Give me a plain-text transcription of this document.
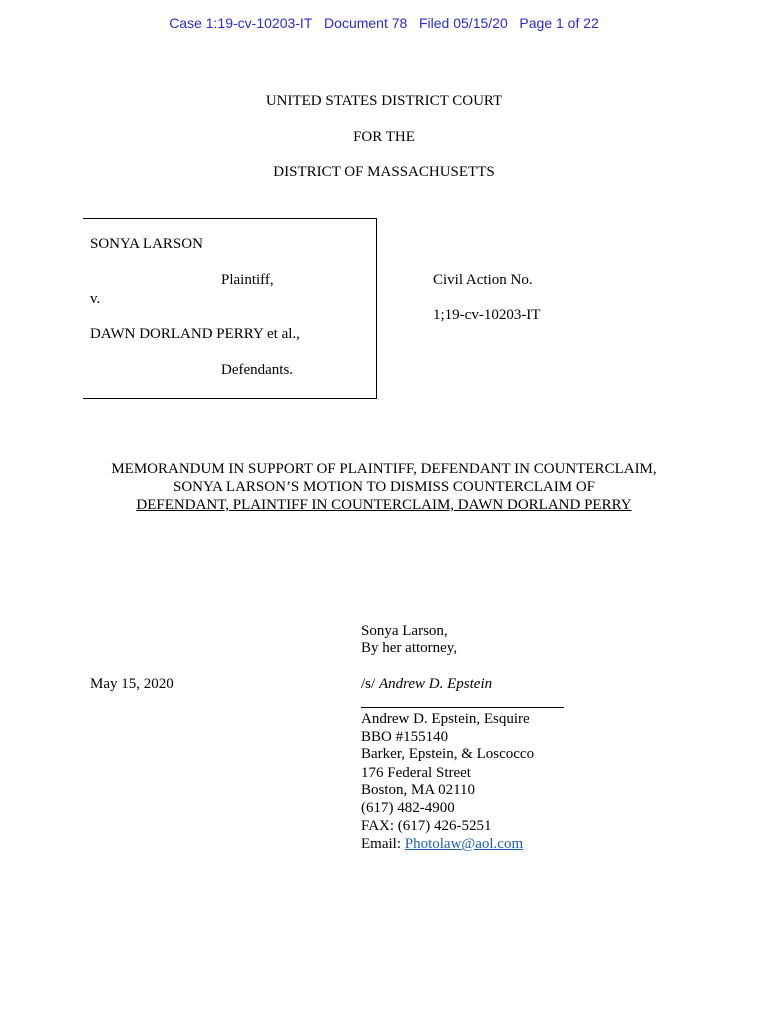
Case 1:19-cv-10203-IT Document 78 Filed 05/15/20 Page 1 of 22
UNITED STATES DISTRICT COURT
FOR THE
DISTRICT OF MASSACHUSETTS
SONYA LARSON
Plaintiff,
v.
DAWN DORLAND PERRY et al.,
Defendants.
Civil Action No.
1;19-cv-10203-IT
MEMORANDUM IN SUPPORT OF PLAINTIFF, DEFENDANT IN COUNTERCLAIM,
SONYA LARSON’S MOTION TO DISMISS COUNTERCLAIM OF
DEFENDANT, PLAINTIFF IN COUNTERCLAIM, DAWN DORLAND PERRY
Sonya Larson,
By her attorney,
May 15, 2020	/s/ Andrew D. Epstein
Andrew D. Epstein, Esquire
BBO #155140
Barker, Epstein, & Loscocco
176 Federal Street
Boston, MA 02110
(617) 482-4900
FAX: (617) 426-5251
Email: Photolaw@aol.com
